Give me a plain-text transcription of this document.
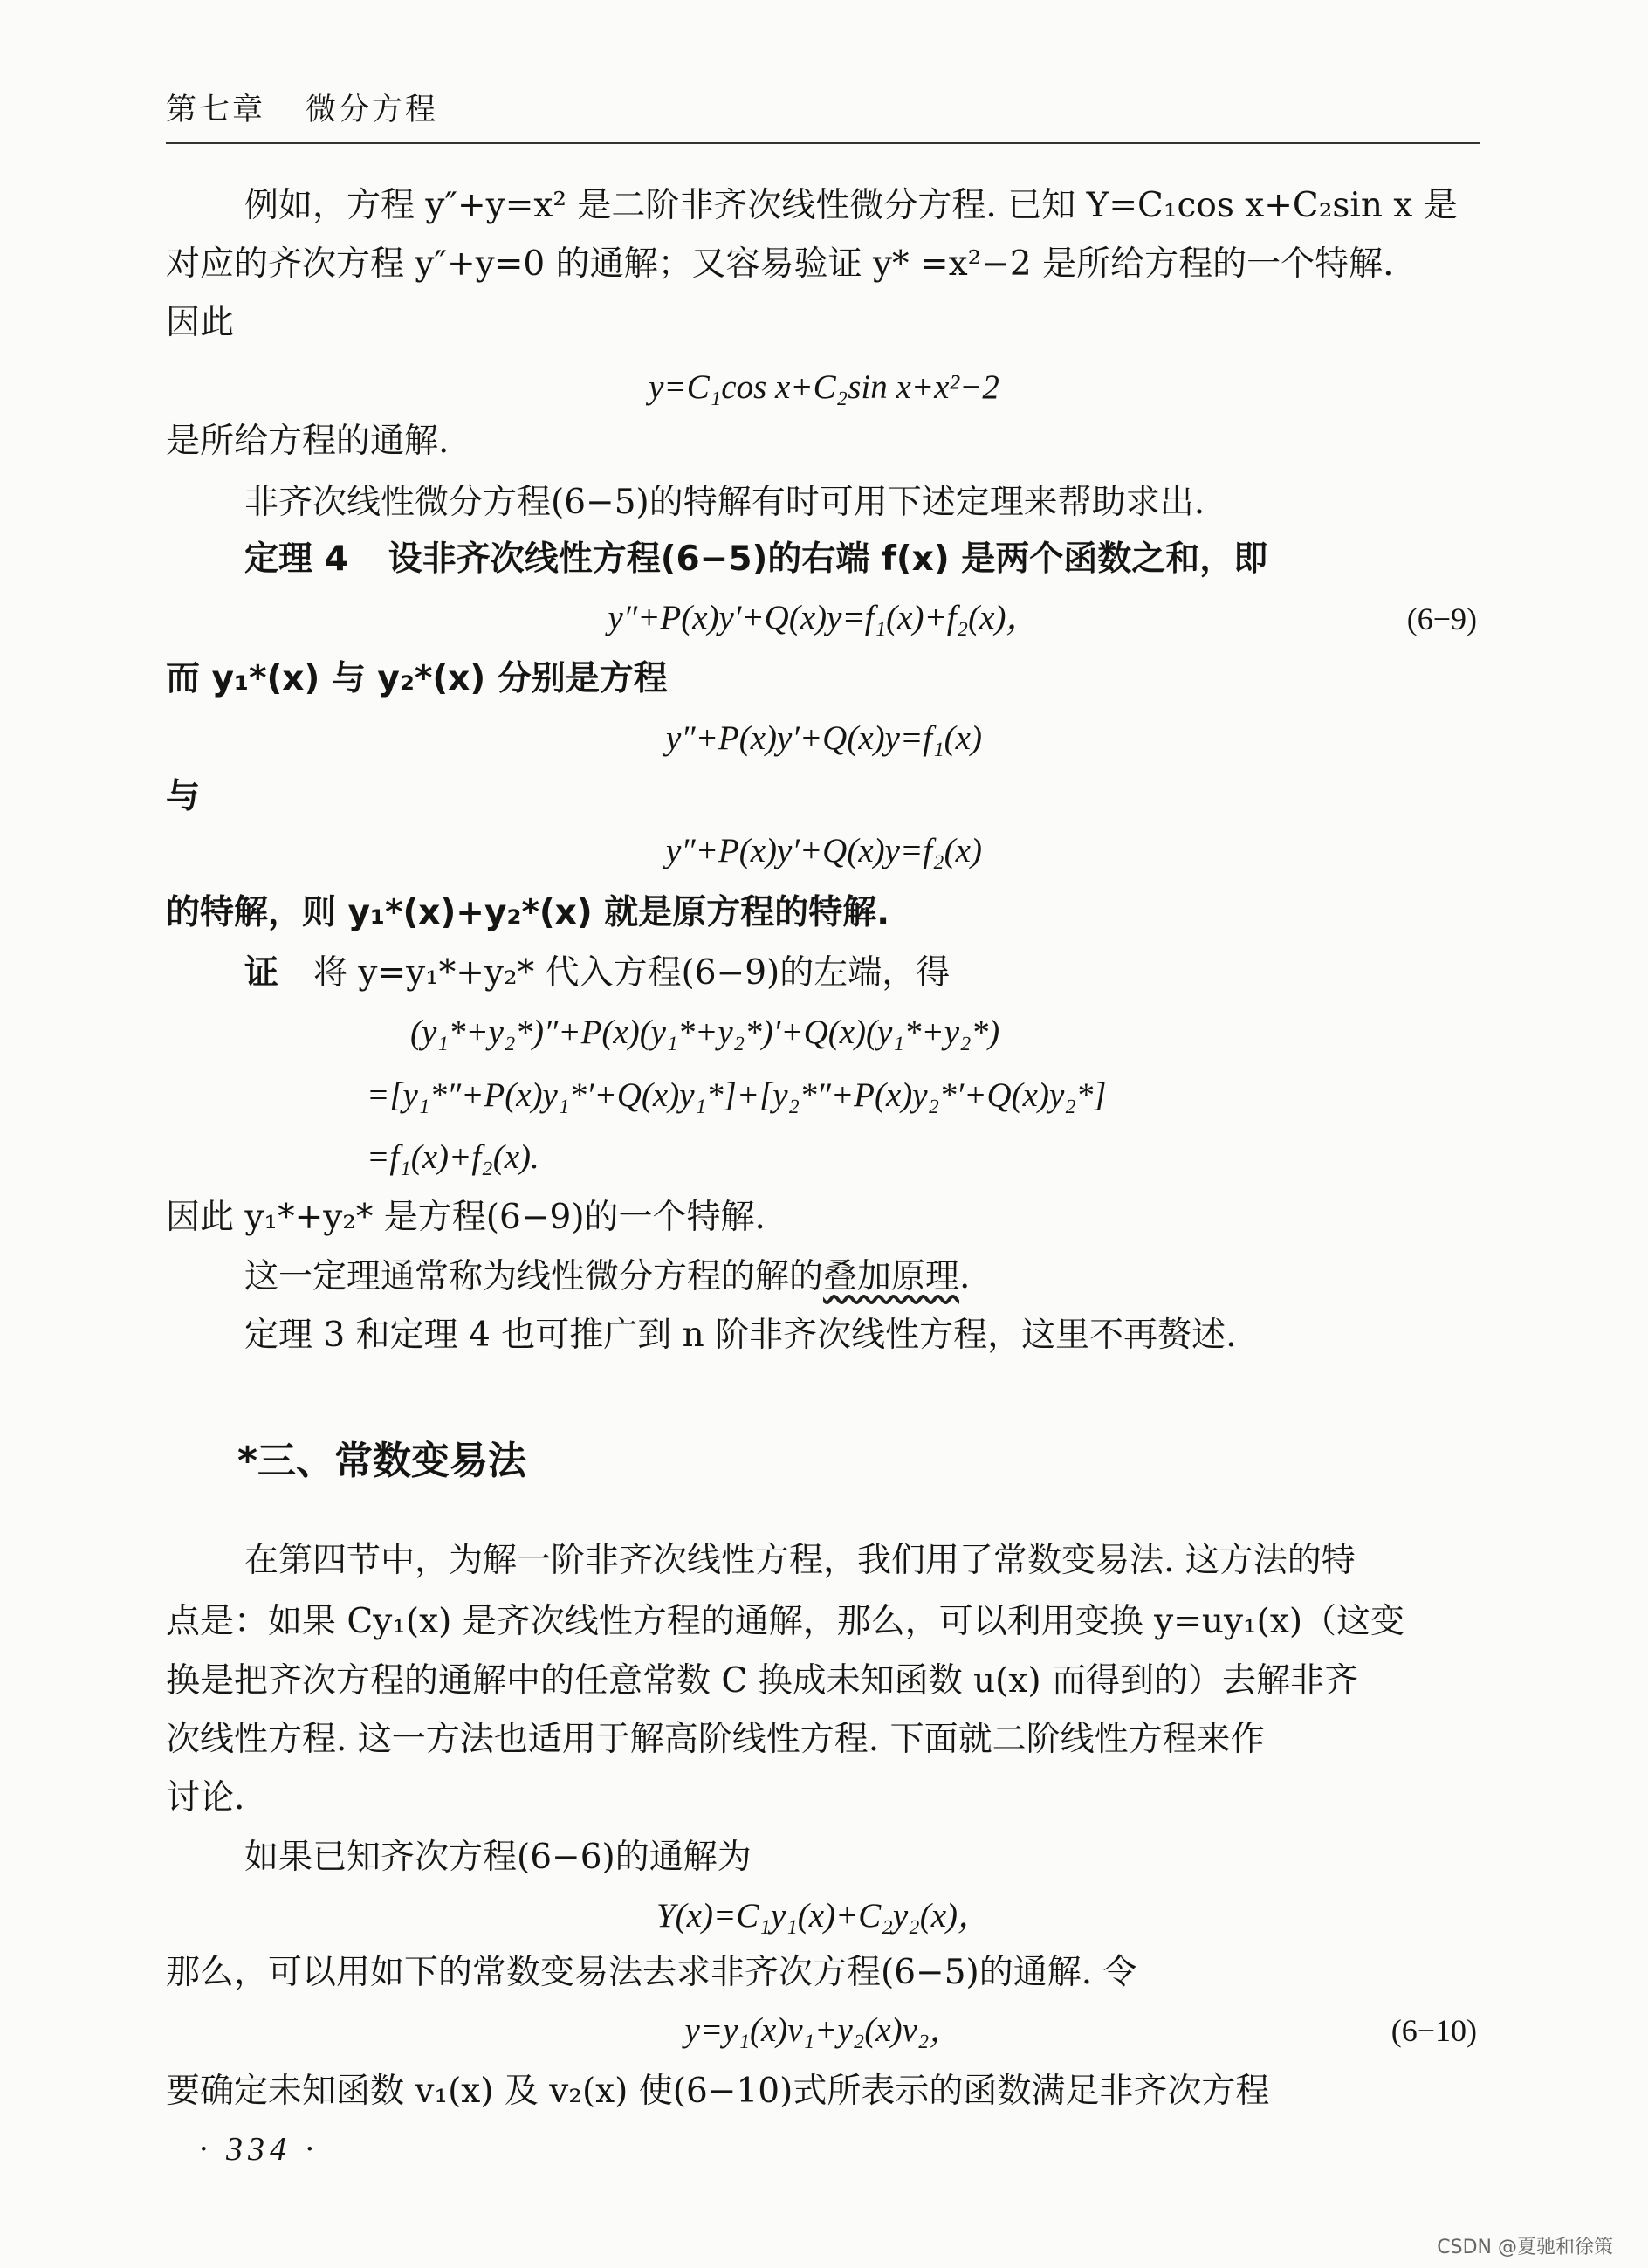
第七章 微分方程
例如，方程 y″+y=x² 是二阶非齐次线性微分方程. 已知 Y=C₁cos x+C₂sin x 是
对应的齐次方程 y″+y=0 的通解；又容易验证 y* =x²−2 是所给方程的一个特解.
因此
y=C₁cos x+C₂sin x+x²−2
是所给方程的通解.
非齐次线性微分方程(6−5)的特解有时可用下述定理来帮助求出.
定理 4 设非齐次线性方程(6−5)的右端 f(x) 是两个函数之和，即
y″+P(x)y′+Q(x)y=f₁(x)+f₂(x)，	(6−9)
而 y₁*(x) 与 y₂*(x) 分别是方程
y″+P(x)y′+Q(x)y=f₁(x)
与
y″+P(x)y′+Q(x)y=f₂(x)
的特解，则 y₁*(x)+y₂*(x) 就是原方程的特解.
证 将 y=y₁*+y₂* 代入方程(6−9)的左端，得
(y₁*+y₂*)″+P(x)(y₁*+y₂*)′+Q(x)(y₁*+y₂*)
=[y₁*″+P(x)y₁*′+Q(x)y₁*]+[y₂*″+P(x)y₂*′+Q(x)y₂*]
=f₁(x)+f₂(x).
因此 y₁*+y₂* 是方程(6−9)的一个特解.
这一定理通常称为线性微分方程的解的叠加原理.
定理 3 和定理 4 也可推广到 n 阶非齐次线性方程，这里不再赘述.
*三、常数变易法
在第四节中，为解一阶非齐次线性方程，我们用了常数变易法. 这方法的特
点是：如果 Cy₁(x) 是齐次线性方程的通解，那么，可以利用变换 y=uy₁(x)（这变
换是把齐次方程的通解中的任意常数 C 换成未知函数 u(x) 而得到的）去解非齐
次线性方程. 这一方法也适用于解高阶线性方程. 下面就二阶线性方程来作
讨论.
如果已知齐次方程(6−6)的通解为
Y(x)=C₁y₁(x)+C₂y₂(x)，
那么，可以用如下的常数变易法去求非齐次方程(6−5)的通解. 令
y=y₁(x)v₁+y₂(x)v₂，	(6−10)
要确定未知函数 v₁(x) 及 v₂(x) 使(6−10)式所表示的函数满足非齐次方程
· 334 ·
CSDN @夏驰和徐策
